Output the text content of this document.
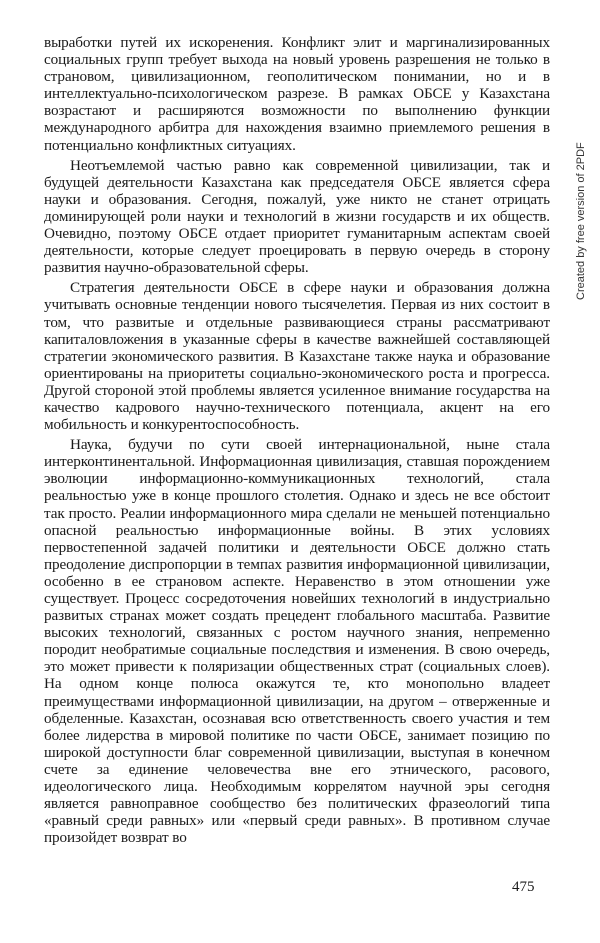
выработки путей их искоренения. Конфликт элит и маргинализированных социальных групп требует выхода на новый уровень разрешения не только в страновом, цивилизационном, геополитическом понимании, но и в интеллектуально-психологическом разрезе. В рамках ОБСЕ у Казахстана возрастают и расширяются возможности по выполнению функции международного арбитра для нахождения взаимно приемлемого решения в потенциально конфликтных ситуациях.

Неотъемлемой частью равно как современной цивилизации, так и будущей деятельности Казахстана как председателя ОБСЕ является сфера науки и образования. Сегодня, пожалуй, уже никто не станет отрицать доминирующей роли науки и технологий в жизни государств и их обществ. Очевидно, поэтому ОБСЕ отдает приоритет гуманитарным аспектам своей деятельности, которые следует проецировать в первую очередь в сторону развития научно-образовательной сферы.

Стратегия деятельности ОБСЕ в сфере науки и образования должна учитывать основные тенденции нового тысячелетия. Первая из них состоит в том, что развитые и отдельные развивающиеся страны рассматривают капиталовложения в указанные сферы в качестве важнейшей составляющей стратегии экономического развития. В Казахстане также наука и образование ориентированы на приоритеты социально-экономического роста и прогресса. Другой стороной этой проблемы является усиленное внимание государства на качество кадрового научно-технического потенциала, акцент на его мобильность и конкурентоспособность.

Наука, будучи по сути своей интернациональной, ныне стала интерконтинентальной. Информационная цивилизация, ставшая порождением эволюции информационно-коммуникационных технологий, стала реальностью уже в конце прошлого столетия. Однако и здесь не все обстоит так просто. Реалии информационного мира сделали не меньшей потенциально опасной реальностью информационные войны. В этих условиях первостепенной задачей политики и деятельности ОБСЕ должно стать преодоление диспропорции в темпах развития информационной цивилизации, особенно в ее страновом аспекте. Неравенство в этом отношении уже существует. Процесс сосредоточения новейших технологий в индустриально развитых странах может создать прецедент глобального масштаба. Развитие высоких технологий, связанных с ростом научного знания, непременно породит необратимые социальные последствия и изменения. В свою очередь, это может привести к поляризации общественных страт (социальных слоев). На одном конце полюса окажутся те, кто монопольно владеет преимуществами информационной цивилизации, на другом – отверженные и обделенные. Казахстан, осознавая всю ответственность своего участия и тем более лидерства в мировой политике по части ОБСЕ, занимает позицию по широкой доступности благ современной цивилизации, выступая в конечном счете за единение человечества вне его этнического, расового, идеологического лица. Необходимым коррелятом научной эры сегодня является равноправное сообщество без политических фразеологий типа «равный среди равных» или «первый среди равных». В противном случае произойдет возврат во

475
Created by free version of 2PDF
